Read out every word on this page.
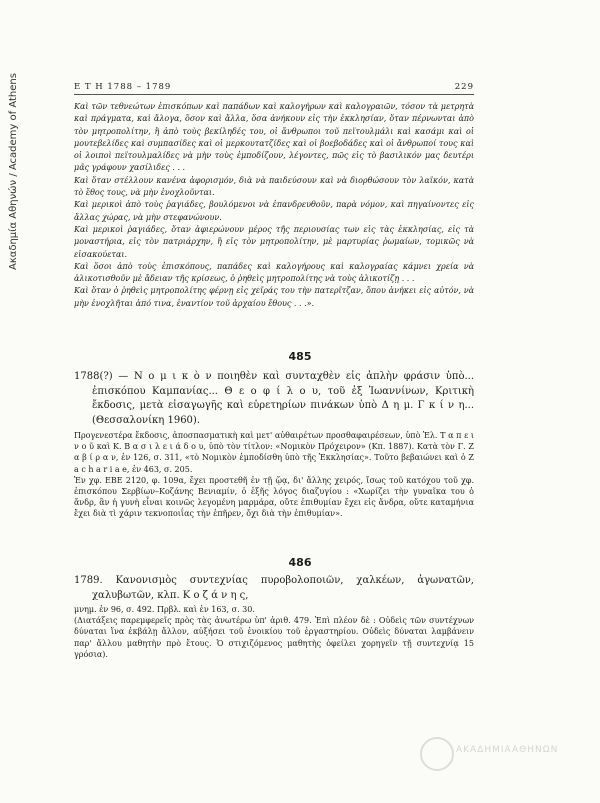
Ακαδημία Αθηνών / Academy of Athens	Ε Τ Η 1788 – 1789	229

Καὶ τῶν τεθνεώτων ἐπισκόπων καὶ παπάδων καὶ καλογήρων καὶ καλογραιῶν, τόσον τὰ μετρητὰ καὶ πράγματα, καὶ ἄλογα, ὅσον καὶ ἄλλα, ὅσα ἀνήκουν εἰς τὴν ἐκκλησίαν, ὅταν πέρνωνται ἀπὸ τὸν μητροπολίτην, ἢ ἀπὸ τοὺς βεκίληδές του, οἱ ἄνθρωποι τοῦ πεϊτουλμάλι καὶ κασάμι καὶ οἱ μουτεβελίδες καὶ συμπασίδες καὶ οἱ μερκουτατζίδες καὶ οἱ βοεβοδάδες καὶ οἱ ἄνθρωποί τους καὶ οἱ λοιποὶ πεϊτουλμαλίδες νὰ μὴν τοὺς ἐμποδίζουν, λέγοντες, πῶς εἰς τὸ βασιλικόν μας δευτέρι μᾶς γράφουν χασίλιδες . . .

Καὶ ὅταν στέλλουν κανένα ἀφορισμόν, διὰ νὰ παιδεύσουν καὶ νὰ διορθώσουν τὸν λαϊκόν, κατὰ τὸ ἔθος τους, νὰ μὴν ἐνοχλοῦνται.

Καὶ μερικοὶ ἀπὸ τοὺς ῥαγιάδες, βουλόμενοι νὰ ἐπανδρευθοῦν, παρὰ νόμον, καὶ πηγαίνοντες εἰς ἄλλας χώρας, νὰ μὴν στεφανώνουν.

Καὶ μερικοὶ ῥαγιάδες, ὅταν ἀφιερώνουν μέρος τῆς περιουσίας των εἰς τὰς ἐκκλησίας, εἰς τὰ μοναστήρια, εἰς τὸν πατριάρχην, ἢ εἰς τὸν μητροπολίτην, μὲ μαρτυρίας ῥωμαίων, τομικῶς νὰ εἰσακούεται.

Καὶ ὅσοι ἀπὸ τοὺς ἐπισκόπους, παπάδες καὶ καλογήρους καὶ καλογραίας κάμνει χρεία νὰ ἀλικοτισθοῦν μὲ ἄδειαν τῆς κρίσεως, ὁ ῥηθεὶς μητροπολίτης νὰ τοὺς ἀλικοτίζῃ . . .

Καὶ ὅταν ὁ ῥηθεὶς μητροπολίτης φέρνῃ εἰς χεῖράς του τὴν πατερῖτζαν, ὅπου ἀνήκει εἰς αὐτόν, νὰ μὴν ἐνοχλῆται ἀπό τινα, ἐναντίον τοῦ ἀρχαίου ἔθους . . .».

485
1788(?) — Ν ο μ ι κ ὸ ν ποιηθὲν καὶ συνταχθὲν εἰς ἁπλὴν φράσιν ὑπὸ... ἐπισκόπου Καμπανίας... Θ ε ο φ ί λ ο υ, τοῦ ἐξ Ἰωαννίνων, Κριτικὴ ἔκδοσις, μετὰ εἰσαγωγῆς καὶ εὑρετηρίων πινάκων ὑπὸ Δ η μ. Γ κ ί ν η... (Θεσσαλονίκη 1960).
Προγενεστέρα ἔκδοσις, ἀποσπασματικὴ καὶ μετ' αὐθαιρέτων προσθαφαιρέσεων, ὑπὸ Ἐλ. Τ α π ε ι ν ο ῦ καὶ Κ. Β α σ ι λ ε ι ά δ ο υ, ὑπὸ τὸν τίτλον: «Νομικὸν Πρόχειρον» (Κπ. 1887). Κατὰ τὸν Γ. Ζ α β ί ρ α ν, ἐν 126, σ. 311, «τὸ Νομικὸν ἐμποδίσθη ὑπὸ τῆς Ἐκκλησίας». Τοῦτο βεβαιώνει καὶ ὁ Z a c h a r i a e, ἐν 463, σ. 205.
Ἐν χφ. ΕΒΕ 2120, φ. 109α, ἔχει προστεθῆ ἐν τῇ ᾤᾳ, δι' ἄλλης χειρός, ἴσως τοῦ κατόχου τοῦ χφ. ἐπισκόπου Σερβίων–Κοζάνης Βενιαμίν, ὁ ἑξῆς λόγος διαζυγίου : «Χωρίζει τὴν γυναῖκα του ὁ ἄνδρ, ἂν ἡ γυνὴ εἶναι κοινῶς λεγομένη μαρμάρα, οὔτε ἐπιθυμίαν ἔχει εἰς ἄνδρα, οὔτε καταμήνια ἔχει διὰ τὶ χάριν τεκνοποιΐας τὴν ἐπῆρεν, ὄχι διὰ τὴν ἐπιθυμίαν».
486
1789. Κανονισμὸς συντεχνίας πυροβολοποιῶν, χαλκέων, ἀγωνατῶν, χαλυβωτῶν, κλπ. Κ ο ζ ά ν η ς,
μνημ. ἐν 96, σ. 492. Πρβλ. καὶ ἐν 163, σ. 30.
(Διατάξεις παρεμφερεῖς πρὸς τὰς ἀνωτέρω ὑπ' ἀριθ. 479. Ἐπὶ πλέον δὲ : Οὐδεὶς τῶν συντέχνων δύναται ἵνα ἐκβάλῃ ἄλλον, αὐξήσει τοῦ ἐνοικίου τοῦ ἐργαστηρίου. Οὐδεὶς δύναται λαμβάνειν παρ' ἄλλου μαθητὴν πρὸ ἔτους. Ὁ στιχιζόμενος μαθητὴς ὀφείλει χορηγεῖν τῇ συντεχνίᾳ 15 γρόσια).
ΑΚΑΔΗΜΙΑ ΑΘΗΝΩΝ
